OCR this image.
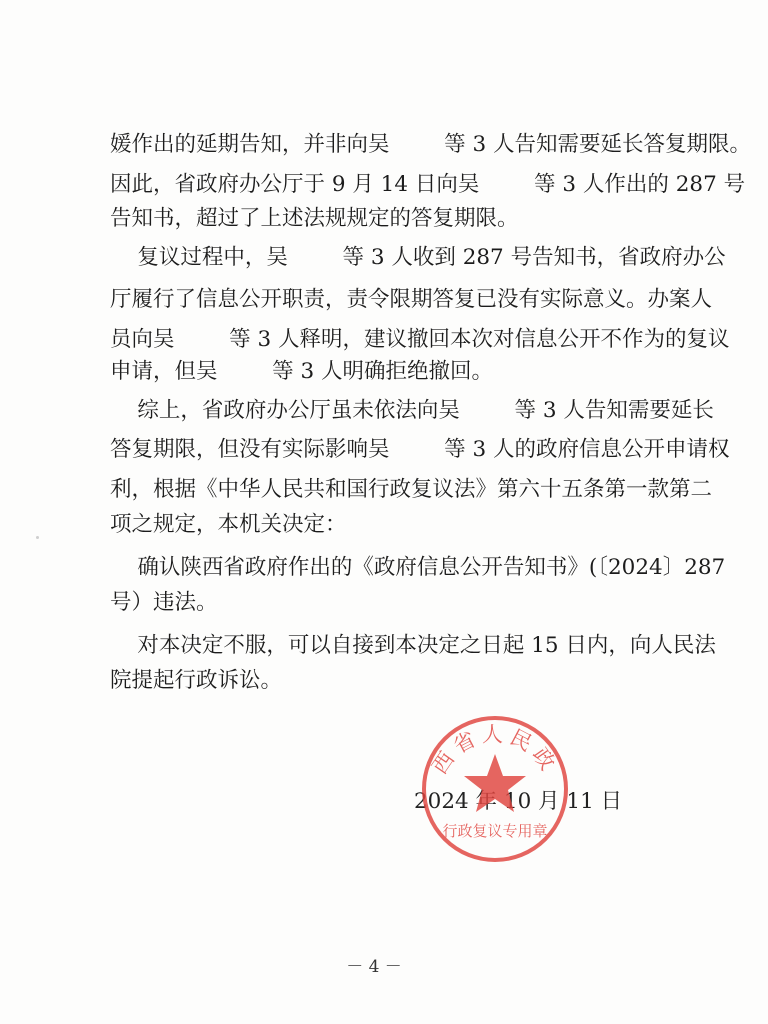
媛作出的延期告知，并非向吴        等 3 人告知需要延长答复期限。
因此，省政府办公厅于 9 月 14 日向吴        等 3 人作出的 287 号
告知书，超过了上述法规规定的答复期限。
复议过程中，吴        等 3 人收到 287 号告知书，省政府办公
厅履行了信息公开职责，责令限期答复已没有实际意义。办案人
员向吴        等 3 人释明，建议撤回本次对信息公开不作为的复议
申请，但吴        等 3 人明确拒绝撤回。
综上，省政府办公厅虽未依法向吴        等 3 人告知需要延长
答复期限，但没有实际影响吴        等 3 人的政府信息公开申请权
利，根据《中华人民共和国行政复议法》第六十五条第一款第二
项之规定，本机关决定：
确认陕西省政府作出的《政府信息公开告知书》(〔2024〕287
号）违法。
对本决定不服，可以自接到本决定之日起 15 日内，向人民法
院提起行政诉讼。
2024 年 10 月 11 日
西省人民政
行政复议专用章
－ 4 －
